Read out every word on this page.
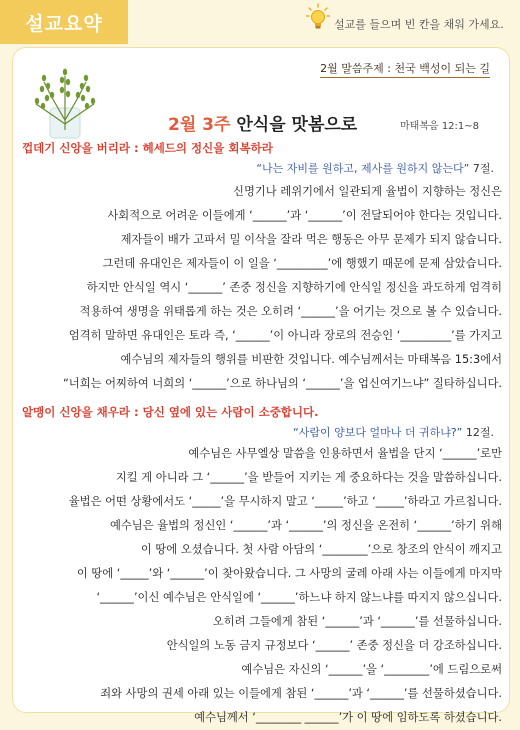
설교요약	설교를 들으며 빈 칸을 채워 가세요.
2월 말씀주제 : 천국 백성이 되는 길
2월 3주 안식을 맛봄으로	마태복음 12:1~8
껍데기 신앙을 버리라 : 헤세드의 정신을 회복하라
“나는 자비를 원하고, 제사를 원하지 않는다” 7절.

신명기나 레위기에서 일관되게 율법이 지향하는 정신은

사회적으로 어려운 이들에게 ‘______’과 ‘______’이 전달되어야 한다는 것입니다.

제자들이 배가 고파서 밀 이삭을 잘라 먹은 행동은 아무 문제가 되지 않습니다.

그런데 유대인은 제자들이 이 일을 ‘_________’에 행했기 때문에 문제 삼았습니다.

하지만 안식일 역시 ‘______’ 존중 정신을 지향하기에 안식일 정신을 과도하게 엄격히

적용하여 생명을 위태롭게 하는 것은 오히려 ‘______’을 어기는 것으로 볼 수 있습니다.

엄격히 말하면 유대인은 토라 즉, ‘______’이 아니라 장로의 전승인 ‘_________’를 가지고

예수님의 제자들의 행위를 비판한 것입니다. 예수님께서는 마태복음 15:3에서

“너희는 어찌하여 너희의 ‘______’으로 하나님의 ‘______’을 업신여기느냐” 질타하십니다.

알맹이 신앙을 채우라 : 당신 옆에 있는 사람이 소중합니다.
“사람이 양보다 얼마나 더 귀하냐?” 12절.

예수님은 사무엘상 말씀을 인용하면서 율법을 단지 ‘______’로만

지킬 게 아니라 그 ‘______’을 받들어 지키는 게 중요하다는 것을 말씀하십니다.

율법은 어떤 상황에서도 ‘_____’을 무시하지 말고 ‘_____’하고 ‘_____’하라고 가르칩니다.

예수님은 율법의 정신인 ‘______’과 ‘______’의 정신을 온전히 ‘______’하기 위해

이 땅에 오셨습니다. 첫 사람 아담의 ‘________’으로 창조의 안식이 깨지고

이 땅에 ‘_____’와 ‘______’이 찾아왔습니다. 그 사망의 굴레 아래 사는 이들에게 마지막

‘______’이신 예수님은 안식일에 ‘______’하느냐 하지 않느냐를 따지지 않으십니다.

오히려 그들에게 참된 ‘______’과 ‘______’를 선물하십니다.

안식일의 노동 금지 규정보다 ‘______’ 존중 정신을 더 강조하십니다.

예수님은 자신의 ‘______’을 ‘________’에 드림으로써

죄와 사망의 권세 아래 있는 이들에게 참된 ‘______’과 ‘______’를 선물하셨습니다.

예수님께서 ‘________ ______’가 이 땅에 임하도록 하셨습니다.
